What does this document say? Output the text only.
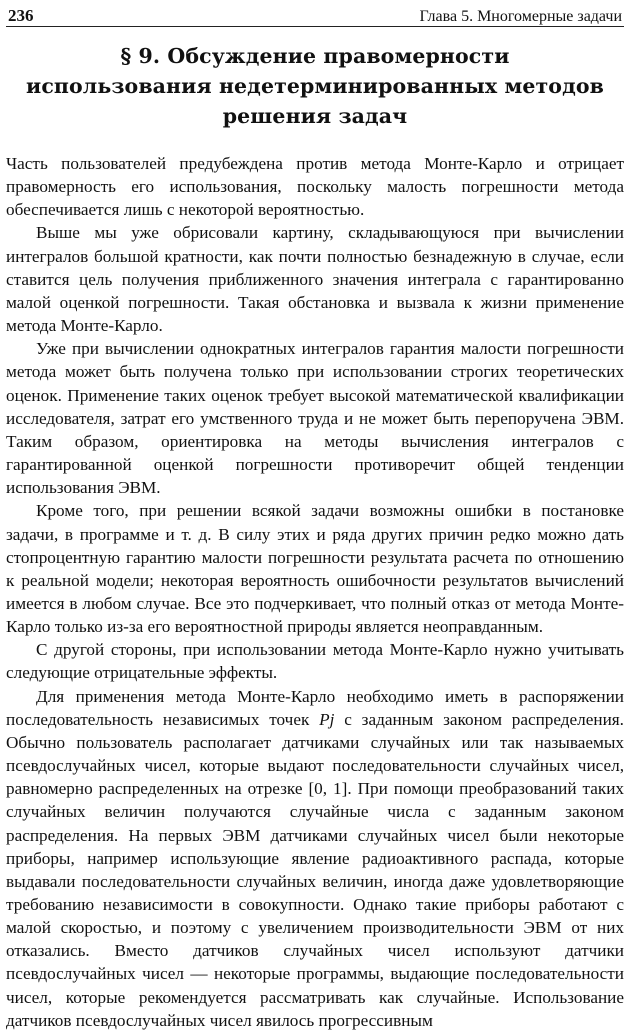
236	Глава 5. Многомерные задачи
§ 9. Обсуждение правомерности
использования недетерминированных методов
решения задач

Часть пользователей предубеждена против метода Монте-Карло и отрицает правомерность его использования, поскольку малость погрешности метода обеспечивается лишь с некоторой вероятностью.

Выше мы уже обрисовали картину, складывающуюся при вычислении интегралов большой кратности, как почти полностью безнадежную в случае, если ставится цель получения приближенного значения интеграла с гарантированно малой оценкой погрешности. Такая обстановка и вызвала к жизни применение метода Монте-Карло.

Уже при вычислении однократных интегралов гарантия малости погрешности метода может быть получена только при использовании строгих теоретических оценок. Применение таких оценок требует высокой математической квалификации исследователя, затрат его умственного труда и не может быть перепоручена ЭВМ. Таким образом, ориентировка на методы вычисления интегралов с гарантированной оценкой погрешности противоречит общей тенденции использования ЭВМ.

Кроме того, при решении всякой задачи возможны ошибки в постановке задачи, в программе и т. д. В силу этих и ряда других причин редко можно дать стопроцентную гарантию малости погрешности результата расчета по отношению к реальной модели; некоторая вероятность ошибочности результатов вычислений имеется в любом случае. Все это подчеркивает, что полный отказ от метода Монте-Карло только из-за его вероятностной природы является неоправданным.

С другой стороны, при использовании метода Монте-Карло нужно учитывать следующие отрицательные эффекты.

Для применения метода Монте-Карло необходимо иметь в распоряжении последовательность независимых точек Pj с заданным законом распределения. Обычно пользователь располагает датчиками случайных или так называемых псевдослучайных чисел, которые выдают последовательности случайных чисел, равномерно распределенных на отрезке [0, 1]. При помощи преобразований таких случайных величин получаются случайные числа с заданным законом распределения. На первых ЭВМ датчиками случайных чисел были некоторые приборы, например использующие явление радиоактивного распада, которые выдавали последовательности случайных величин, иногда даже удовлетворяющие требованию независимости в совокупности. Однако такие приборы работают с малой скоростью, и поэтому с увеличением производительности ЭВМ от них отказались. Вместо датчиков случайных чисел используют датчики псевдослучайных чисел — некоторые программы, выдающие последовательности чисел, которые рекомендуется рассматривать как случайные. Использование датчиков псевдослучайных чисел явилось прогрессивным
